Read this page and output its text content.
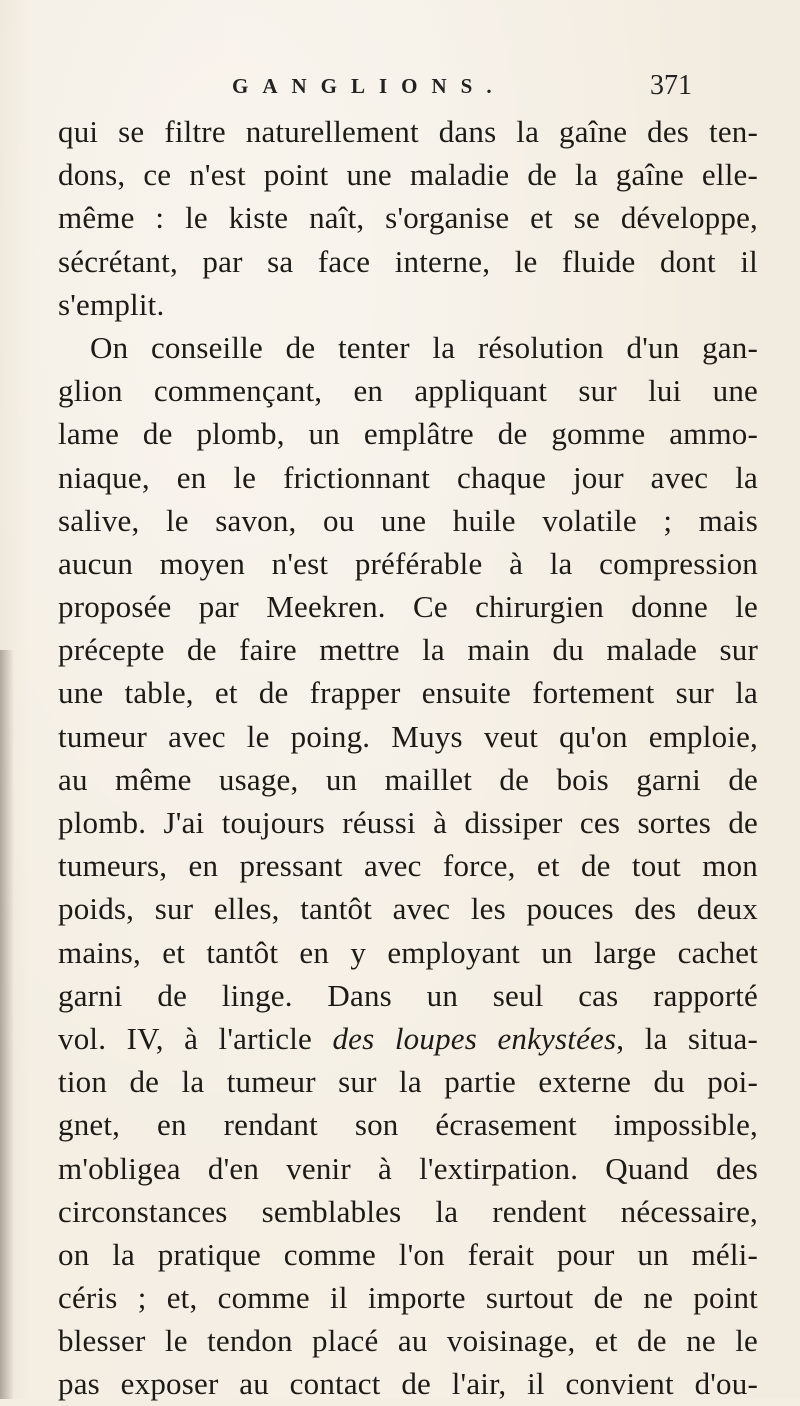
GANGLIONS.	371
qui se filtre naturellement dans la gaîne des ten-
dons, ce n'est point une maladie de la gaîne elle-
même : le kiste naît, s'organise et se développe,
sécrétant, par sa face interne, le fluide dont il
s'emplit.
On conseille de tenter la résolution d'un gan-
glion commençant, en appliquant sur lui une
lame de plomb, un emplâtre de gomme ammo-
niaque, en le frictionnant chaque jour avec la
salive, le savon, ou une huile volatile ; mais
aucun moyen n'est préférable à la compression
proposée par Meekren. Ce chirurgien donne le
précepte de faire mettre la main du malade sur
une table, et de frapper ensuite fortement sur la
tumeur avec le poing. Muys veut qu'on emploie,
au même usage, un maillet de bois garni de
plomb. J'ai toujours réussi à dissiper ces sortes de
tumeurs, en pressant avec force, et de tout mon
poids, sur elles, tantôt avec les pouces des deux
mains, et tantôt en y employant un large cachet
garni de linge. Dans un seul cas rapporté
vol. IV, à l'article des loupes enkystées, la situa-
tion de la tumeur sur la partie externe du poi-
gnet, en rendant son écrasement impossible,
m'obligea d'en venir à l'extirpation. Quand des
circonstances semblables la rendent nécessaire,
on la pratique comme l'on ferait pour un méli-
céris ; et, comme il importe surtout de ne point
blesser le tendon placé au voisinage, et de ne le
pas exposer au contact de l'air, il convient d'ou-
